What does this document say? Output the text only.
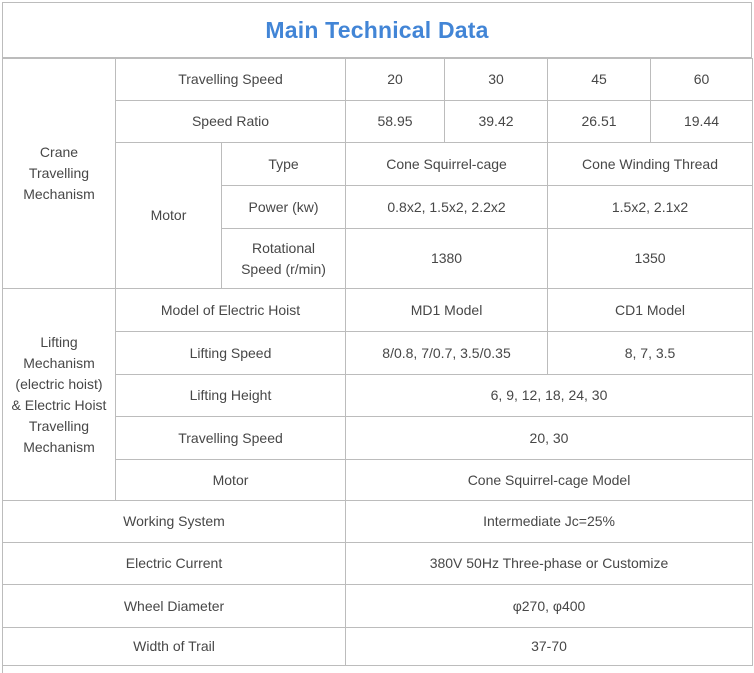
Main Technical Data
Crane Travelling Mechanism	Travelling Speed		20	30	45	60
	Speed Ratio		58.95	39.42	26.51	19.44
	Motor	Type	Cone Squirrel-cage		Cone Winding Thread	
		Power (kw)	0.8x2, 1.5x2, 2.2x2		1.5x2, 2.1x2	
		Rotational Speed (r/min)	1380		1350	
Lifting Mechanism (electric hoist) & Electric Hoist Travelling Mechanism	Model of Electric Hoist		MD1 Model		CD1 Model	
	Lifting Speed		8/0.8, 7/0.7, 3.5/0.35		8, 7, 3.5	
	Lifting Height		6, 9, 12, 18, 24, 30			
	Travelling Speed		20, 30			
	Motor		Cone Squirrel-cage Model			
Working System			Intermediate Jc=25%			
Electric Current			380V 50Hz Three-phase or Customize			
Wheel Diameter			φ270, φ400			
Width of Trail			37-70			
